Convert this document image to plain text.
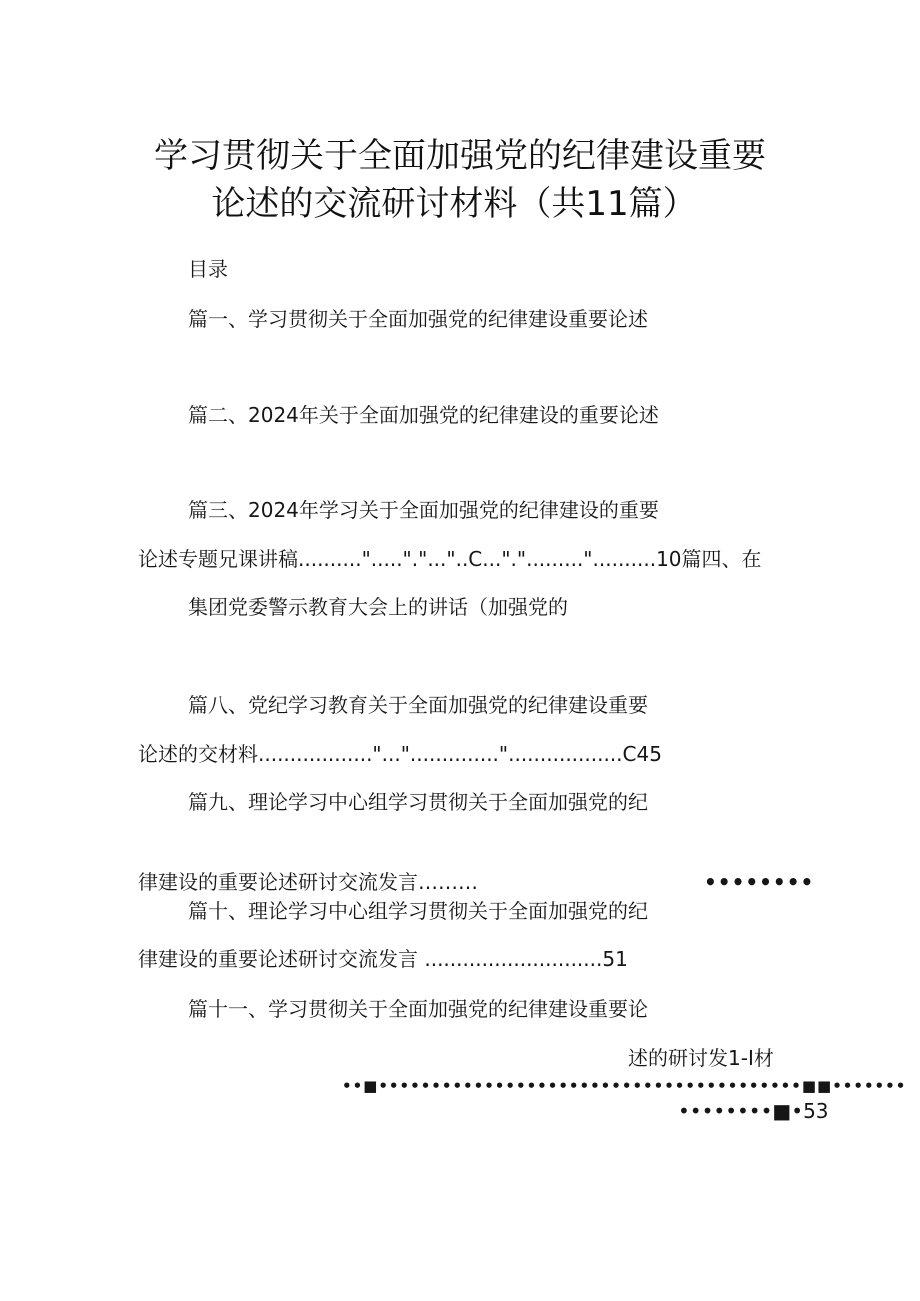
学习贯彻关于全面加强党的纪律建设重要
论述的交流研讨材料（共11篇）
目录
篇一、学习贯彻关于全面加强党的纪律建设重要论述
篇二、2024年关于全面加强党的纪律建设的重要论述
篇三、2024年学习关于全面加强党的纪律建设的重要
论述专题兄课讲稿.........."....."."..."..C..."."........."..........10篇四、在
集团党委警示教育大会上的讲话（加强党的
篇八、党纪学习教育关于全面加强党的纪律建设重要
论述的交材料.................."...".............."..................C45
篇九、理论学习中心组学习贯彻关于全面加强党的纪
律建设的重要论述研讨交流发言………	••••••••
篇十、理论学习中心组学习贯彻关于全面加强党的纪
律建设的重要论述研讨交流发言 ............................51
篇十一、学习贯彻关于全面加强党的纪律建设重要论
述的研讨发1-I材
••■••••••••••••••••••••••••••••••••••••••••■■•••••••
••••••••■•53
